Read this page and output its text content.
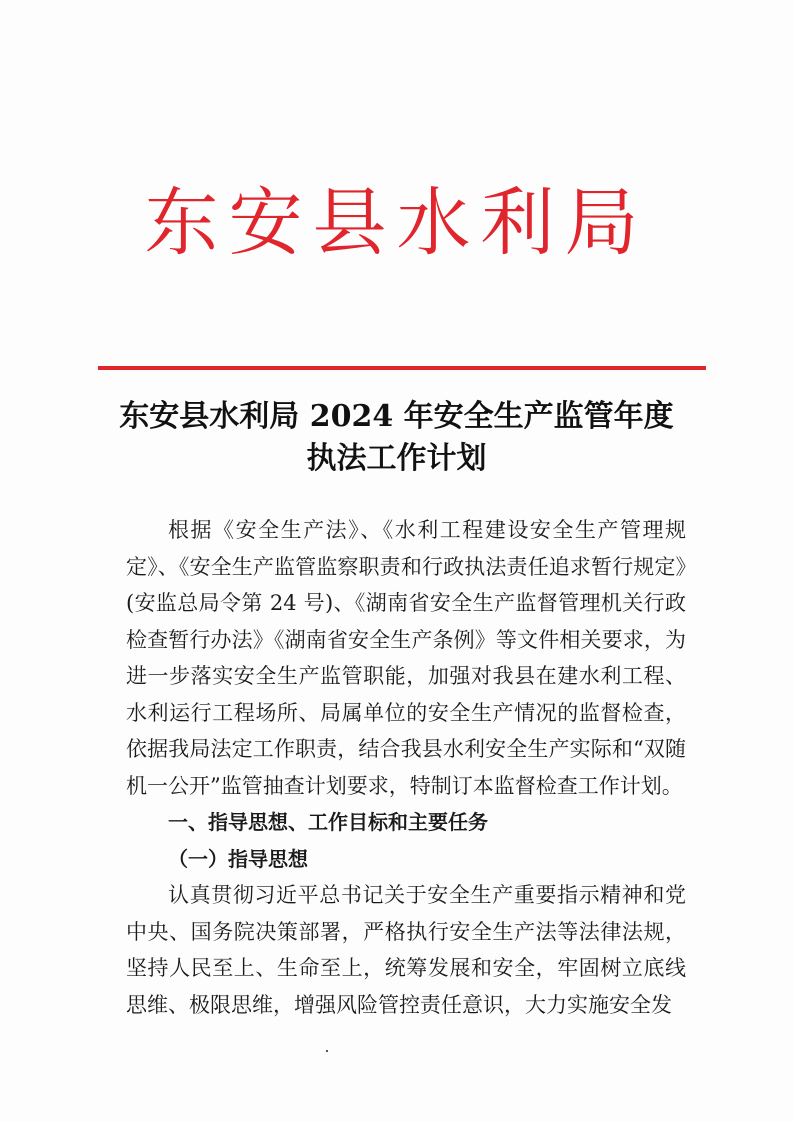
东安县水利局
东安县水利局 2024 年安全生产监管年度
执法工作计划

根据《安全生产法》、《水利工程建设安全生产管理规定》、《安全生产监管监察职责和行政执法责任追求暂行规定》(安监总局令第 24 号)、《湖南省安全生产监督管理机关行政检查暂行办法》《湖南省安全生产条例》等文件相关要求，为进一步落实安全生产监管职能，加强对我县在建水利工程、水利运行工程场所、局属单位的安全生产情况的监督检查，依据我局法定工作职责，结合我县水利安全生产实际和“双随机一公开”监管抽查计划要求，特制订本监督检查工作计划。

一、指导思想、工作目标和主要任务

（一）指导思想

认真贯彻习近平总书记关于安全生产重要指示精神和党中央、国务院决策部署，严格执行安全生产法等法律法规，坚持人民至上、生命至上，统筹发展和安全，牢固树立底线思维、极限思维，增强风险管控责任意识，大力实施安全发
